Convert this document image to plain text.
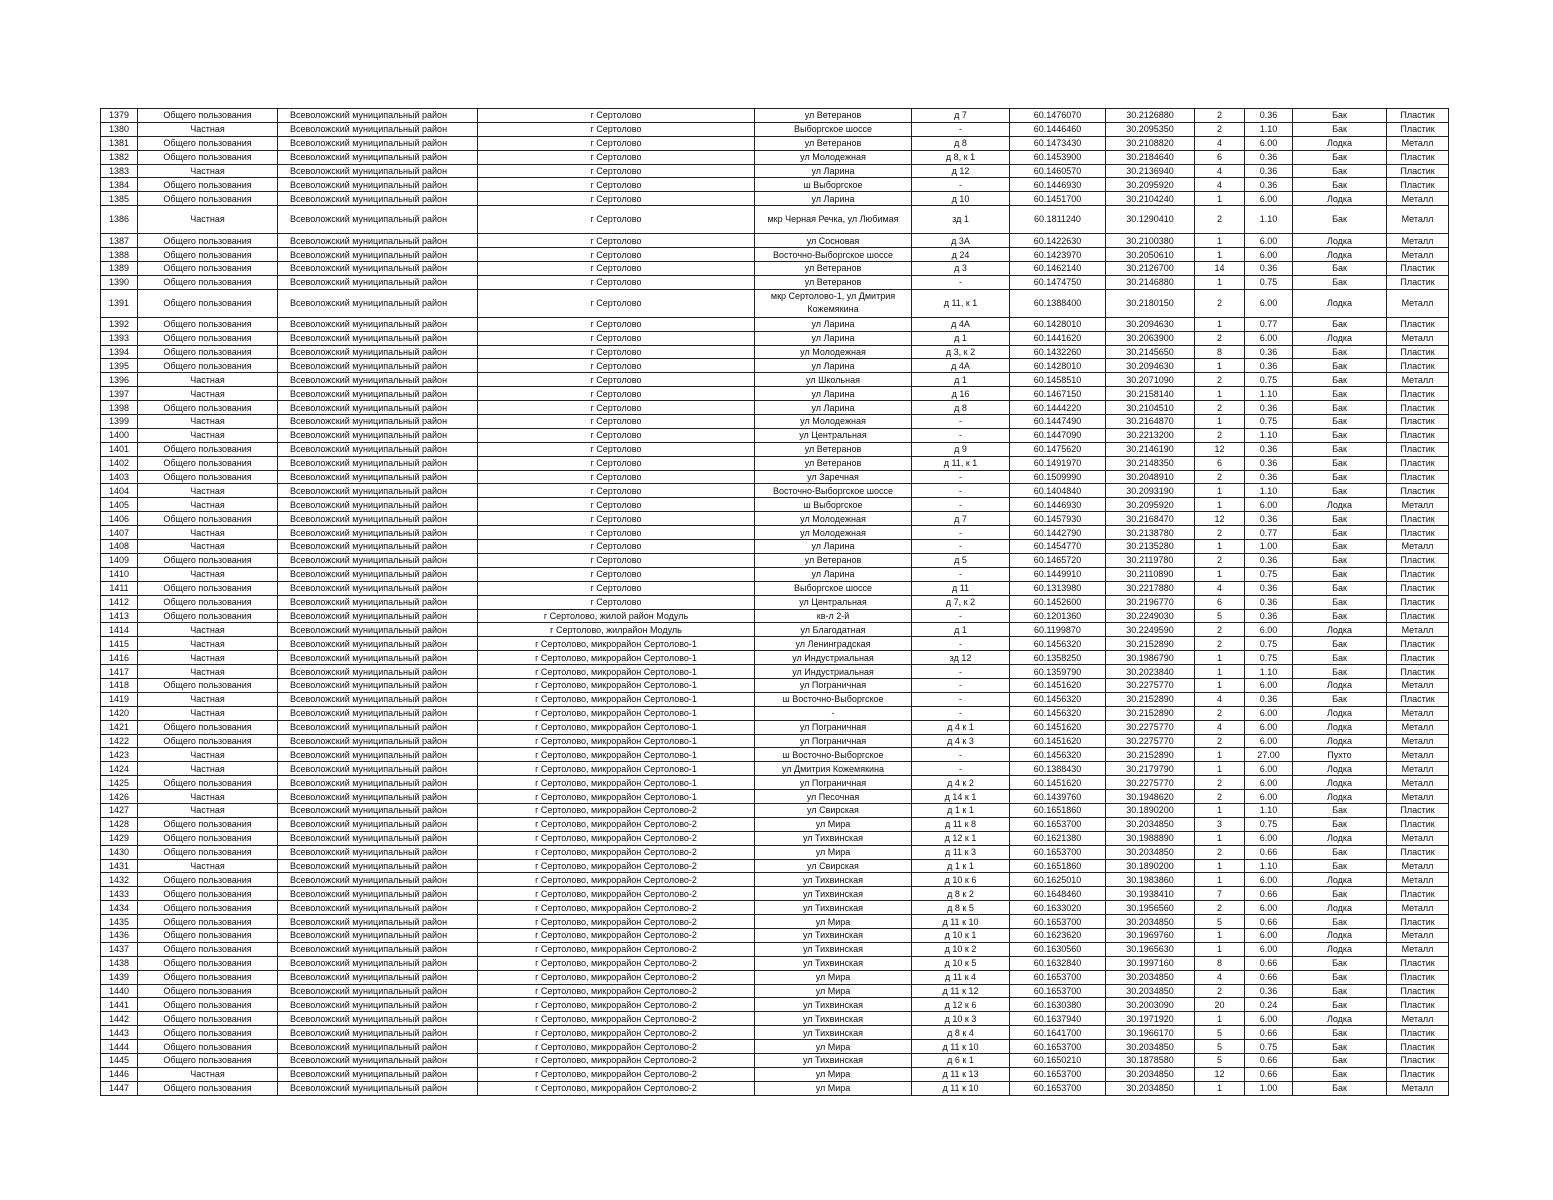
1379	Общего пользования	Всеволожский муниципальный район	г Сертолово	ул Ветеранов	д 7	60.1476070	30.2126880	2	0.36	Бак	Пластик
1380	Частная	Всеволожский муниципальный район	г Сертолово	Выборгское шоссе	-	60.1446460	30.2095350	2	1.10	Бак	Пластик
1381	Общего пользования	Всеволожский муниципальный район	г Сертолово	ул Ветеранов	д 8	60.1473430	30.2108820	4	6.00	Лодка	Металл
1382	Общего пользования	Всеволожский муниципальный район	г Сертолово	ул Молодежная	д 8, к 1	60.1453900	30.2184640	6	0.36	Бак	Пластик
1383	Частная	Всеволожский муниципальный район	г Сертолово	ул Ларина	д 12	60.1460570	30.2136940	4	0.36	Бак	Пластик
1384	Общего пользования	Всеволожский муниципальный район	г Сертолово	ш Выборгское	-	60.1446930	30.2095920	4	0.36	Бак	Пластик
1385	Общего пользования	Всеволожский муниципальный район	г Сертолово	ул Ларина	д 10	60.1451700	30.2104240	1	6.00	Лодка	Металл
1386	Частная	Всеволожский муниципальный район	г Сертолово	мкр Черная Речка, ул Любимая	зд 1	60.1811240	30.1290410	2	1.10	Бак	Металл
1387	Общего пользования	Всеволожский муниципальный район	г Сертолово	ул Сосновая	д 3А	60.1422630	30.2100380	1	6.00	Лодка	Металл
1388	Общего пользования	Всеволожский муниципальный район	г Сертолово	Восточно-Выборгское шоссе	д 24	60.1423970	30.2050610	1	6.00	Лодка	Металл
1389	Общего пользования	Всеволожский муниципальный район	г Сертолово	ул Ветеранов	д 3	60.1462140	30.2126700	14	0.36	Бак	Пластик
1390	Общего пользования	Всеволожский муниципальный район	г Сертолово	ул Ветеранов	-	60.1474750	30.2146880	1	0.75	Бак	Пластик
1391	Общего пользования	Всеволожский муниципальный район	г Сертолово	мкр Сертолово-1, ул Дмитрия Кожемякина	д 11, к 1	60.1388400	30.2180150	2	6.00	Лодка	Металл
1392	Общего пользования	Всеволожский муниципальный район	г Сертолово	ул Ларина	д 4А	60.1428010	30.2094630	1	0.77	Бак	Пластик
1393	Общего пользования	Всеволожский муниципальный район	г Сертолово	ул Ларина	д 1	60.1441620	30.2063900	2	6.00	Лодка	Металл
1394	Общего пользования	Всеволожский муниципальный район	г Сертолово	ул Молодежная	д 3, к 2	60.1432260	30.2145650	8	0.36	Бак	Пластик
1395	Общего пользования	Всеволожский муниципальный район	г Сертолово	ул Ларина	д 4А	60.1428010	30.2094630	1	0.36	Бак	Пластик
1396	Частная	Всеволожский муниципальный район	г Сертолово	ул Школьная	д 1	60.1458510	30.2071090	2	0.75	Бак	Металл
1397	Частная	Всеволожский муниципальный район	г Сертолово	ул Ларина	д 16	60.1467150	30.2158140	1	1.10	Бак	Пластик
1398	Общего пользования	Всеволожский муниципальный район	г Сертолово	ул Ларина	д 8	60.1444220	30.2104510	2	0.36	Бак	Пластик
1399	Частная	Всеволожский муниципальный район	г Сертолово	ул Молодежная	-	60.1447490	30.2164870	1	0.75	Бак	Пластик
1400	Частная	Всеволожский муниципальный район	г Сертолово	ул Центральная	-	60.1447090	30.2213200	2	1.10	Бак	Пластик
1401	Общего пользования	Всеволожский муниципальный район	г Сертолово	ул Ветеранов	д 9	60.1475620	30.2146190	12	0.36	Бак	Пластик
1402	Общего пользования	Всеволожский муниципальный район	г Сертолово	ул Ветеранов	д 11, к 1	60.1491970	30.2148350	6	0.36	Бак	Пластик
1403	Общего пользования	Всеволожский муниципальный район	г Сертолово	ул Заречная	-	60.1509990	30.2048910	2	0.36	Бак	Пластик
1404	Частная	Всеволожский муниципальный район	г Сертолово	Восточно-Выборгское шоссе	-	60.1404840	30.2093190	1	1.10	Бак	Пластик
1405	Частная	Всеволожский муниципальный район	г Сертолово	ш Выборгское	-	60.1446930	30.2095920	1	6.00	Лодка	Металл
1406	Общего пользования	Всеволожский муниципальный район	г Сертолово	ул Молодежная	д 7	60.1457930	30.2168470	12	0.36	Бак	Пластик
1407	Частная	Всеволожский муниципальный район	г Сертолово	ул Молодежная	-	60.1442790	30.2138780	2	0.77	Бак	Пластик
1408	Частная	Всеволожский муниципальный район	г Сертолово	ул Ларина	-	60.1454770	30.2135280	1	1.00	Бак	Металл
1409	Общего пользования	Всеволожский муниципальный район	г Сертолово	ул Ветеранов	д 5	60.1465720	30.2119780	2	0.36	Бак	Пластик
1410	Частная	Всеволожский муниципальный район	г Сертолово	ул Ларина	-	60.1449910	30.2110890	1	0.75	Бак	Пластик
1411	Общего пользования	Всеволожский муниципальный район	г Сертолово	Выборгское шоссе	д 11	60.1313980	30.2217880	4	0.36	Бак	Пластик
1412	Общего пользования	Всеволожский муниципальный район	г Сертолово	ул Центральная	д 7, к 2	60.1452600	30.2196770	6	0.36	Бак	Пластик
1413	Общего пользования	Всеволожский муниципальный район	г Сертолово, жилой район Модуль	кв-л 2-й	-	60.1201360	30.2249030	5	0.36	Бак	Пластик
1414	Частная	Всеволожский муниципальный район	г Сертолово, жилрайон Модуль	ул Благодатная	д 1	60.1199870	30.2249590	2	6.00	Лодка	Металл
1415	Частная	Всеволожский муниципальный район	г Сертолово, микрорайон Сертолово-1	ул Ленинградская	-	60.1456320	30.2152890	2	0.75	Бак	Пластик
1416	Частная	Всеволожский муниципальный район	г Сертолово, микрорайон Сертолово-1	ул Индустриальная	зд 12	60.1358250	30.1986790	1	0.75	Бак	Пластик
1417	Частная	Всеволожский муниципальный район	г Сертолово, микрорайон Сертолово-1	ул Индустриальная	-	60.1359790	30.2023840	1	1.10	Бак	Пластик
1418	Общего пользования	Всеволожский муниципальный район	г Сертолово, микрорайон Сертолово-1	ул Пограничная	-	60.1451620	30.2275770	1	6.00	Лодка	Металл
1419	Частная	Всеволожский муниципальный район	г Сертолово, микрорайон Сертолово-1	ш Восточно-Выборгское	-	60.1456320	30.2152890	4	0.36	Бак	Пластик
1420	Частная	Всеволожский муниципальный район	г Сертолово, микрорайон Сертолово-1	-	-	60.1456320	30.2152890	2	6.00	Лодка	Металл
1421	Общего пользования	Всеволожский муниципальный район	г Сертолово, микрорайон Сертолово-1	ул Пограничная	д 4 к 1	60.1451620	30.2275770	4	6.00	Лодка	Металл
1422	Общего пользования	Всеволожский муниципальный район	г Сертолово, микрорайон Сертолово-1	ул Пограничная	д 4 к 3	60.1451620	30.2275770	2	6.00	Лодка	Металл
1423	Частная	Всеволожский муниципальный район	г Сертолово, микрорайон Сертолово-1	ш Восточно-Выборгское	-	60.1456320	30.2152890	1	27.00	Пухто	Металл
1424	Частная	Всеволожский муниципальный район	г Сертолово, микрорайон Сертолово-1	ул Дмитрия Кожемякина	-	60.1388430	30.2179790	1	6.00	Лодка	Металл
1425	Общего пользования	Всеволожский муниципальный район	г Сертолово, микрорайон Сертолово-1	ул Пограничная	д 4 к 2	60.1451620	30.2275770	2	6.00	Лодка	Металл
1426	Частная	Всеволожский муниципальный район	г Сертолово, микрорайон Сертолово-1	ул Песочная	д 14 к 1	60.1439760	30.1948620	2	6.00	Лодка	Металл
1427	Частная	Всеволожский муниципальный район	г Сертолово, микрорайон Сертолово-2	ул Свирская	д 1 к 1	60.1651860	30.1890200	1	1.10	Бак	Пластик
1428	Общего пользования	Всеволожский муниципальный район	г Сертолово, микрорайон Сертолово-2	ул Мира	д 11 к 8	60.1653700	30.2034850	3	0.75	Бак	Пластик
1429	Общего пользования	Всеволожский муниципальный район	г Сертолово, микрорайон Сертолово-2	ул Тихвинская	д 12 к 1	60.1621380	30.1988890	1	6.00	Лодка	Металл
1430	Общего пользования	Всеволожский муниципальный район	г Сертолово, микрорайон Сертолово-2	ул Мира	д 11 к 3	60.1653700	30.2034850	2	0.66	Бак	Пластик
1431	Частная	Всеволожский муниципальный район	г Сертолово, микрорайон Сертолово-2	ул Свирская	д 1 к 1	60.1651860	30.1890200	1	1.10	Бак	Металл
1432	Общего пользования	Всеволожский муниципальный район	г Сертолово, микрорайон Сертолово-2	ул Тихвинская	д 10 к 6	60.1625010	30.1983860	1	6.00	Лодка	Металл
1433	Общего пользования	Всеволожский муниципальный район	г Сертолово, микрорайон Сертолово-2	ул Тихвинская	д 8 к 2	60.1648460	30.1938410	7	0.66	Бак	Пластик
1434	Общего пользования	Всеволожский муниципальный район	г Сертолово, микрорайон Сертолово-2	ул Тихвинская	д 8 к 5	60.1633020	30.1956560	2	6.00	Лодка	Металл
1435	Общего пользования	Всеволожский муниципальный район	г Сертолово, микрорайон Сертолово-2	ул Мира	д 11 к 10	60.1653700	30.2034850	5	0.66	Бак	Пластик
1436	Общего пользования	Всеволожский муниципальный район	г Сертолово, микрорайон Сертолово-2	ул Тихвинская	д 10 к 1	60.1623620	30.1969760	1	6.00	Лодка	Металл
1437	Общего пользования	Всеволожский муниципальный район	г Сертолово, микрорайон Сертолово-2	ул Тихвинская	д 10 к 2	60.1630560	30.1965630	1	6.00	Лодка	Металл
1438	Общего пользования	Всеволожский муниципальный район	г Сертолово, микрорайон Сертолово-2	ул Тихвинская	д 10 к 5	60.1632840	30.1997160	8	0.66	Бак	Пластик
1439	Общего пользования	Всеволожский муниципальный район	г Сертолово, микрорайон Сертолово-2	ул Мира	д 11 к 4	60.1653700	30.2034850	4	0.66	Бак	Пластик
1440	Общего пользования	Всеволожский муниципальный район	г Сертолово, микрорайон Сертолово-2	ул Мира	д 11 к 12	60.1653700	30.2034850	2	0.36	Бак	Пластик
1441	Общего пользования	Всеволожский муниципальный район	г Сертолово, микрорайон Сертолово-2	ул Тихвинская	д 12 к 6	60.1630380	30.2003090	20	0.24	Бак	Пластик
1442	Общего пользования	Всеволожский муниципальный район	г Сертолово, микрорайон Сертолово-2	ул Тихвинская	д 10 к 3	60.1637940	30.1971920	1	6.00	Лодка	Металл
1443	Общего пользования	Всеволожский муниципальный район	г Сертолово, микрорайон Сертолово-2	ул Тихвинская	д 8 к 4	60.1641700	30.1966170	5	0.66	Бак	Пластик
1444	Общего пользования	Всеволожский муниципальный район	г Сертолово, микрорайон Сертолово-2	ул Мира	д 11 к 10	60.1653700	30.2034850	5	0.75	Бак	Пластик
1445	Общего пользования	Всеволожский муниципальный район	г Сертолово, микрорайон Сертолово-2	ул Тихвинская	д 6 к 1	60.1650210	30.1878580	5	0.66	Бак	Пластик
1446	Частная	Всеволожский муниципальный район	г Сертолово, микрорайон Сертолово-2	ул Мира	д 11 к 13	60.1653700	30.2034850	12	0.66	Бак	Пластик
1447	Общего пользования	Всеволожский муниципальный район	г Сертолово, микрорайон Сертолово-2	ул Мира	д 11 к 10	60.1653700	30.2034850	1	1.00	Бак	Металл
